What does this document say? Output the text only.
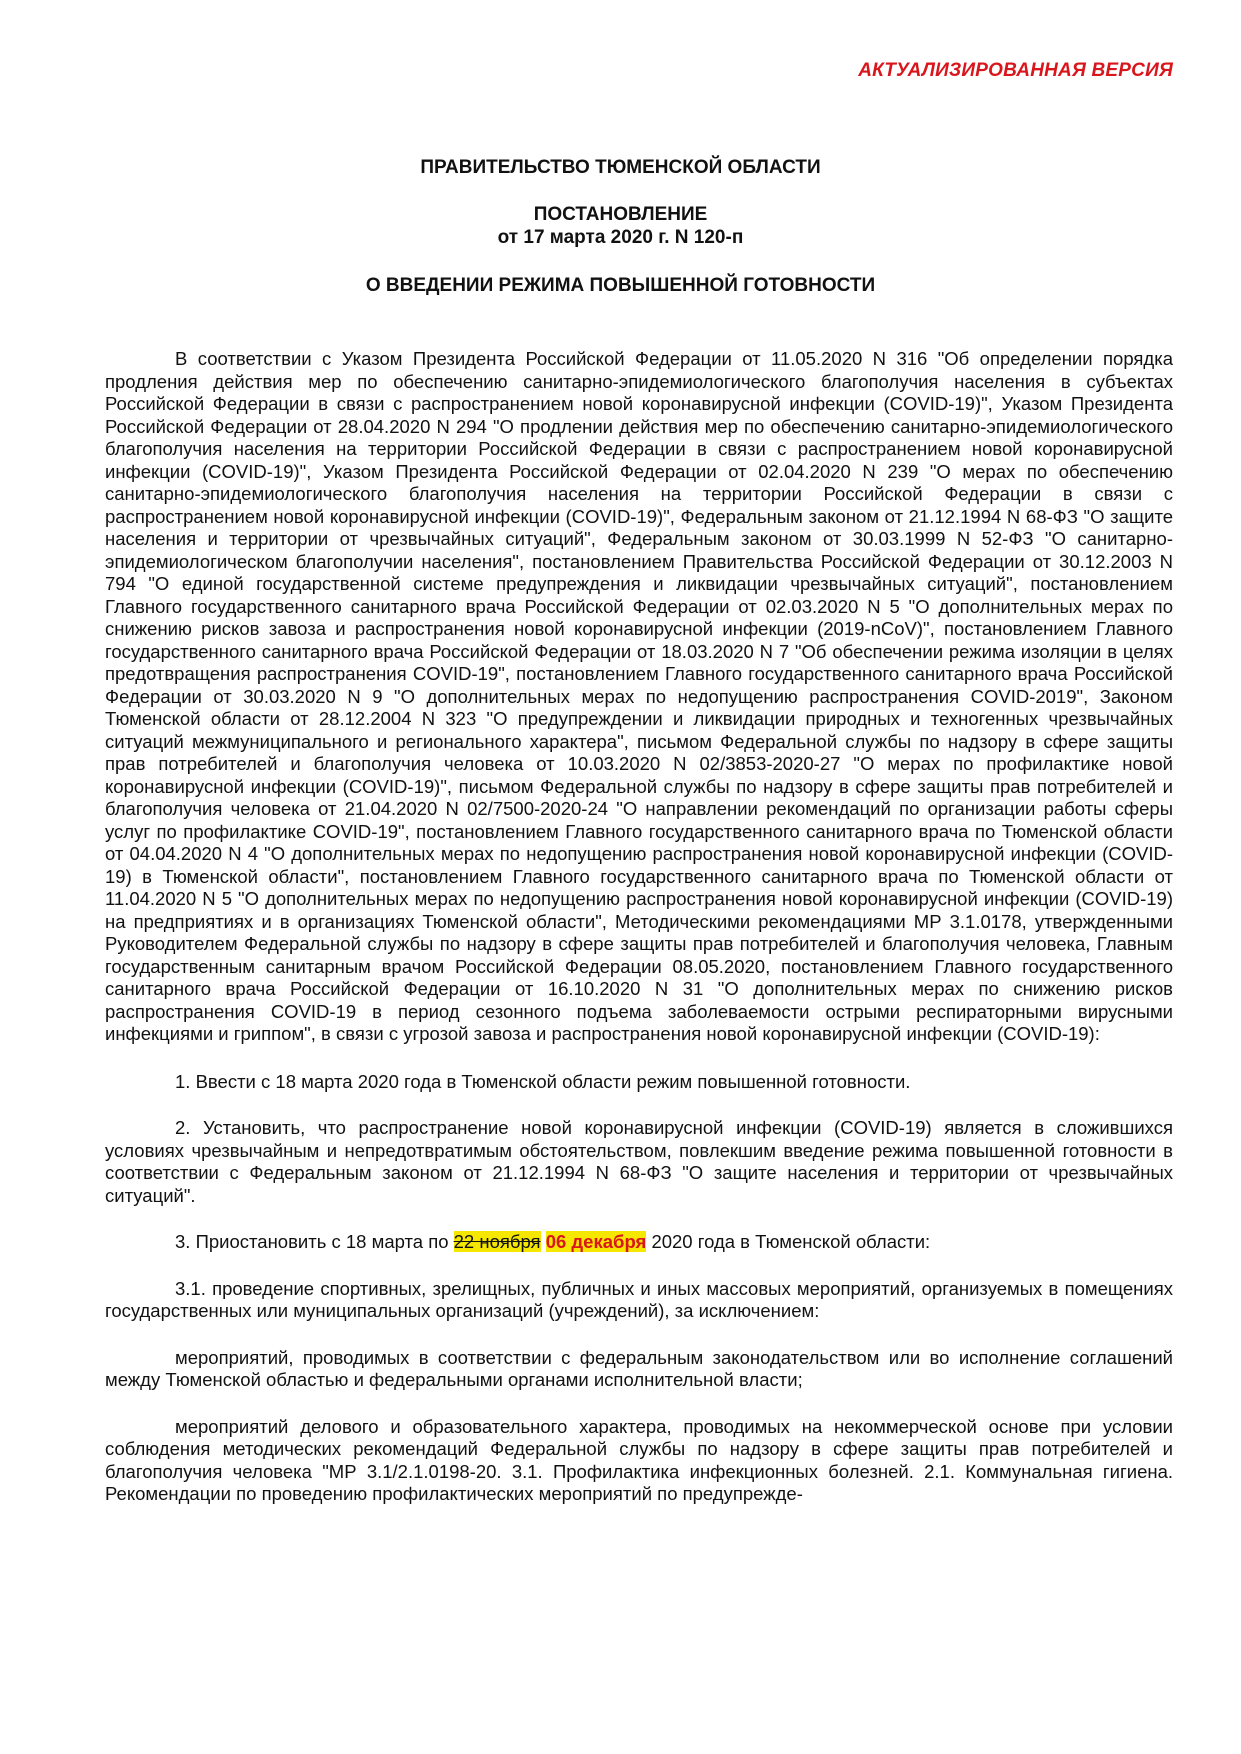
АКТУАЛИЗИРОВАННАЯ ВЕРСИЯ
ПРАВИТЕЛЬСТВО ТЮМЕНСКОЙ ОБЛАСТИ
ПОСТАНОВЛЕНИЕ
от 17 марта 2020 г. N 120-п
О ВВЕДЕНИИ РЕЖИМА ПОВЫШЕННОЙ ГОТОВНОСТИ

В соответствии с Указом Президента Российской Федерации от 11.05.2020 N 316 "Об определении порядка продления действия мер по обеспечению санитарно-эпидемиологического благополучия населения в субъектах Российской Федерации в связи с распространением новой коронавирусной инфекции (COVID-19)", Указом Президента Российской Федерации от 28.04.2020 N 294 "О продлении действия мер по обеспечению санитарно-эпидемиологического благополучия населения на территории Российской Федерации в связи с распространением новой коронавирусной инфекции (COVID-19)", Указом Президента Российской Федерации от 02.04.2020 N 239 "О мерах по обеспечению санитарно-эпидемиологического благополучия населения на территории Российской Федерации в связи с распространением новой коронавирусной инфекции (COVID-19)", Федеральным законом от 21.12.1994 N 68-ФЗ "О защите населения и территории от чрезвычайных ситуаций", Федеральным законом от 30.03.1999 N 52-ФЗ "О санитарно-эпидемиологическом благополучии населения", постановлением Правительства Российской Федерации от 30.12.2003 N 794 "О единой государственной системе предупреждения и ликвидации чрезвычайных ситуаций", постановлением Главного государственного санитарного врача Российской Федерации от 02.03.2020 N 5 "О дополнительных мерах по снижению рисков завоза и распространения новой коронавирусной инфекции (2019-nCoV)", постановлением Главного государственного санитарного врача Российской Федерации от 18.03.2020 N 7 "Об обеспечении режима изоляции в целях предотвращения распространения COVID-19", постановлением Главного государственного санитарного врача Российской Федерации от 30.03.2020 N 9 "О дополнительных мерах по недопущению распространения COVID-2019", Законом Тюменской области от 28.12.2004 N 323 "О предупреждении и ликвидации природных и техногенных чрезвычайных ситуаций межмуниципального и регионального характера", письмом Федеральной службы по надзору в сфере защиты прав потребителей и благополучия человека от 10.03.2020 N 02/3853-2020-27 "О мерах по профилактике новой коронавирусной инфекции (COVID-19)", письмом Федеральной службы по надзору в сфере защиты прав потребителей и благополучия человека от 21.04.2020 N 02/7500-2020-24 "О направлении рекомендаций по организации работы сферы услуг по профилактике COVID-19", постановлением Главного государственного санитарного врача по Тюменской области от 04.04.2020 N 4 "О дополнительных мерах по недопущению распространения новой коронавирусной инфекции (COVID-19) в Тюменской области", постановлением Главного государственного санитарного врача по Тюменской области от 11.04.2020 N 5 "О дополнительных мерах по недопущению распространения новой коронавирусной инфекции (COVID-19) на предприятиях и в организациях Тюменской области", Методическими рекомендациями МР 3.1.0178, утвержденными Руководителем Федеральной службы по надзору в сфере защиты прав потребителей и благополучия человека, Главным государственным санитарным врачом Российской Федерации 08.05.2020, постановлением Главного государственного санитарного врача Российской Федерации от 16.10.2020 N 31 "О дополнительных мерах по снижению рисков распространения COVID-19 в период сезонного подъема заболеваемости острыми респираторными вирусными инфекциями и гриппом", в связи с угрозой завоза и распространения новой коронавирусной инфекции (COVID-19):

1. Ввести с 18 марта 2020 года в Тюменской области режим повышенной готовности.

2. Установить, что распространение новой коронавирусной инфекции (COVID-19) является в сложившихся условиях чрезвычайным и непредотвратимым обстоятельством, повлекшим введение режима повышенной готовности в соответствии с Федеральным законом от 21.12.1994 N 68-ФЗ "О защите населения и территории от чрезвычайных ситуаций".

3. Приостановить с 18 марта по 22 ноября 06 декабря 2020 года в Тюменской области:

3.1. проведение спортивных, зрелищных, публичных и иных массовых мероприятий, организуемых в помещениях государственных или муниципальных организаций (учреждений), за исключением:

мероприятий, проводимых в соответствии с федеральным законодательством или во исполнение соглашений между Тюменской областью и федеральными органами исполнительной власти;

мероприятий делового и образовательного характера, проводимых на некоммерческой основе при условии соблюдения методических рекомендаций Федеральной службы по надзору в сфере защиты прав потребителей и благополучия человека "МР 3.1/2.1.0198-20. 3.1. Профилактика инфекционных болезней. 2.1. Коммунальная гигиена. Рекомендации по проведению профилактических мероприятий по предупрежде-
